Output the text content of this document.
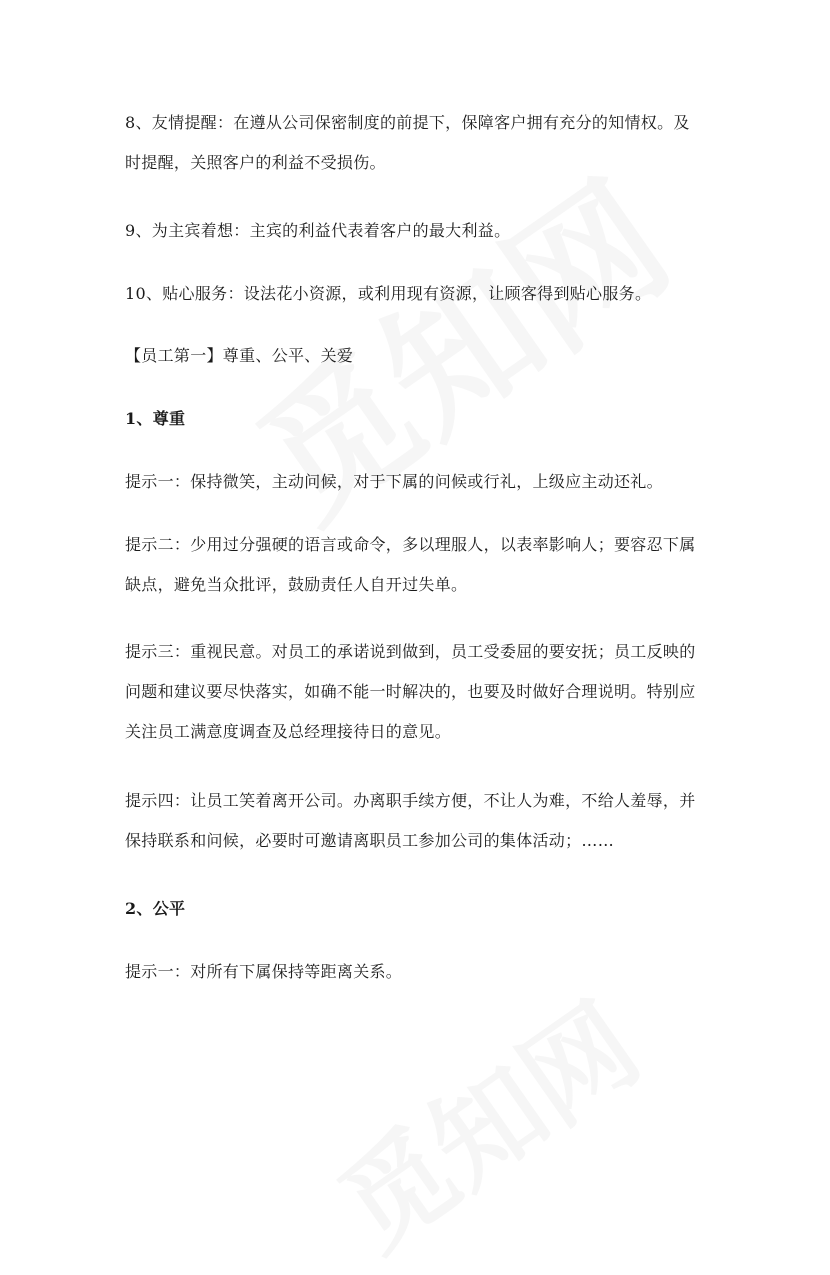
8、友情提醒：在遵从公司保密制度的前提下，保障客户拥有充分的知情权。及时提醒，关照客户的利益不受损伤。

9、为主宾着想：主宾的利益代表着客户的最大利益。

10、贴心服务：设法花小资源，或利用现有资源，让顾客得到贴心服务。

【员工第一】尊重、公平、关爱

1、尊重

提示一：保持微笑，主动问候，对于下属的问候或行礼，上级应主动还礼。

提示二：少用过分强硬的语言或命令，多以理服人，以表率影响人；要容忍下属缺点，避免当众批评，鼓励责任人自开过失单。

提示三：重视民意。对员工的承诺说到做到，员工受委屈的要安抚；员工反映的问题和建议要尽快落实，如确不能一时解决的，也要及时做好合理说明。特别应关注员工满意度调查及总经理接待日的意见。

提示四：让员工笑着离开公司。办离职手续方便，不让人为难，不给人羞辱，并保持联系和问候，必要时可邀请离职员工参加公司的集体活动；……

2、公平

提示一：对所有下属保持等距离关系。
